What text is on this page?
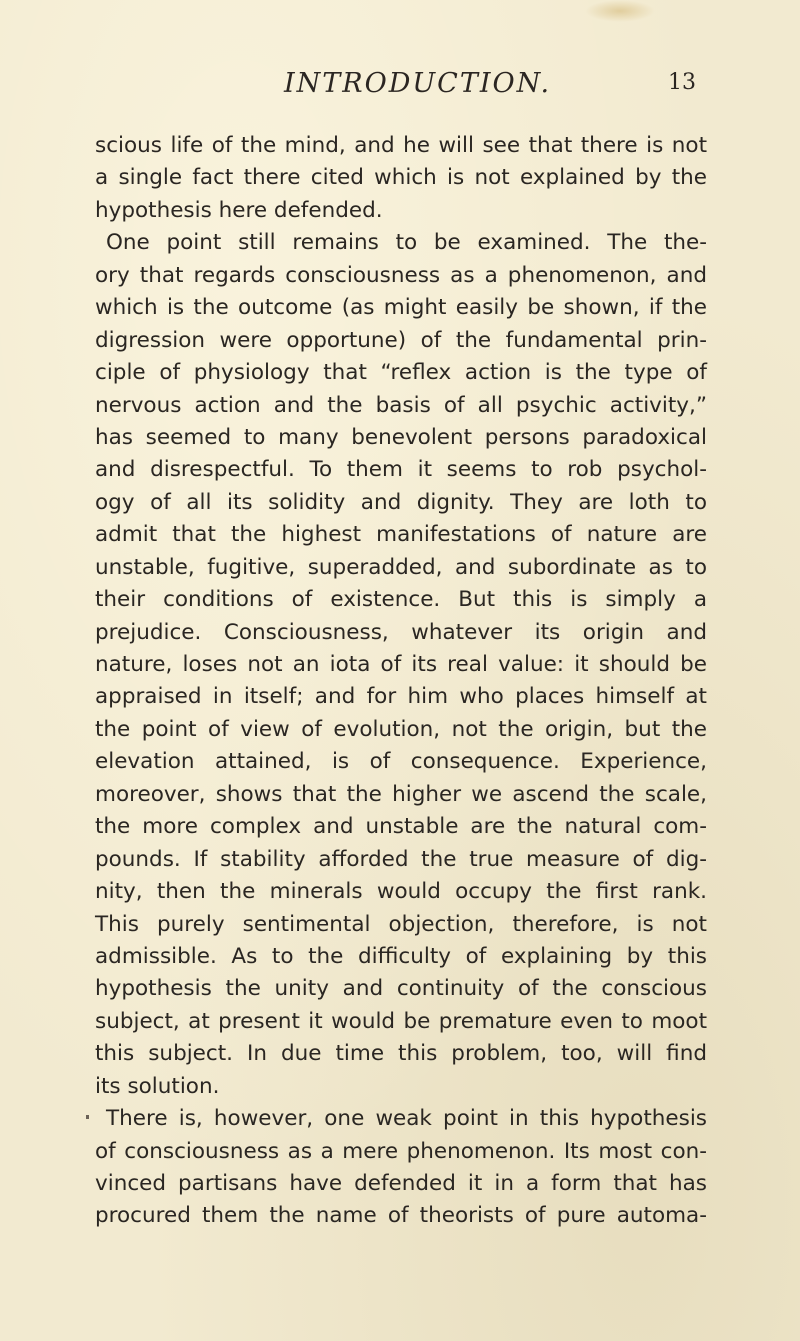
INTRODUCTION.	13
scious life of the mind, and he will see that there is not
a single fact there cited which is not explained by the
hypothesis here defended.
One point still remains to be examined. The the-
ory that regards consciousness as a phenomenon, and
which is the outcome (as might easily be shown, if the
digression were opportune) of the fundamental prin-
ciple of physiology that “reflex action is the type of
nervous action and the basis of all psychic activity,”
has seemed to many benevolent persons paradoxical
and disrespectful. To them it seems to rob psychol-
ogy of all its solidity and dignity. They are loth to
admit that the highest manifestations of nature are
unstable, fugitive, superadded, and subordinate as to
their conditions of existence. But this is simply a
prejudice. Consciousness, whatever its origin and
nature, loses not an iota of its real value: it should be
appraised in itself; and for him who places himself at
the point of view of evolution, not the origin, but the
elevation attained, is of consequence. Experience,
moreover, shows that the higher we ascend the scale,
the more complex and unstable are the natural com-
pounds. If stability afforded the true measure of dig-
nity, then the minerals would occupy the first rank.
This purely sentimental objection, therefore, is not
admissible. As to the difficulty of explaining by this
hypothesis the unity and continuity of the conscious
subject, at present it would be premature even to moot
this subject. In due time this problem, too, will find
its solution.
There is, however, one weak point in this hypothesis
of consciousness as a mere phenomenon. Its most con-
vinced partisans have defended it in a form that has
procured them the name of theorists of pure automa-
